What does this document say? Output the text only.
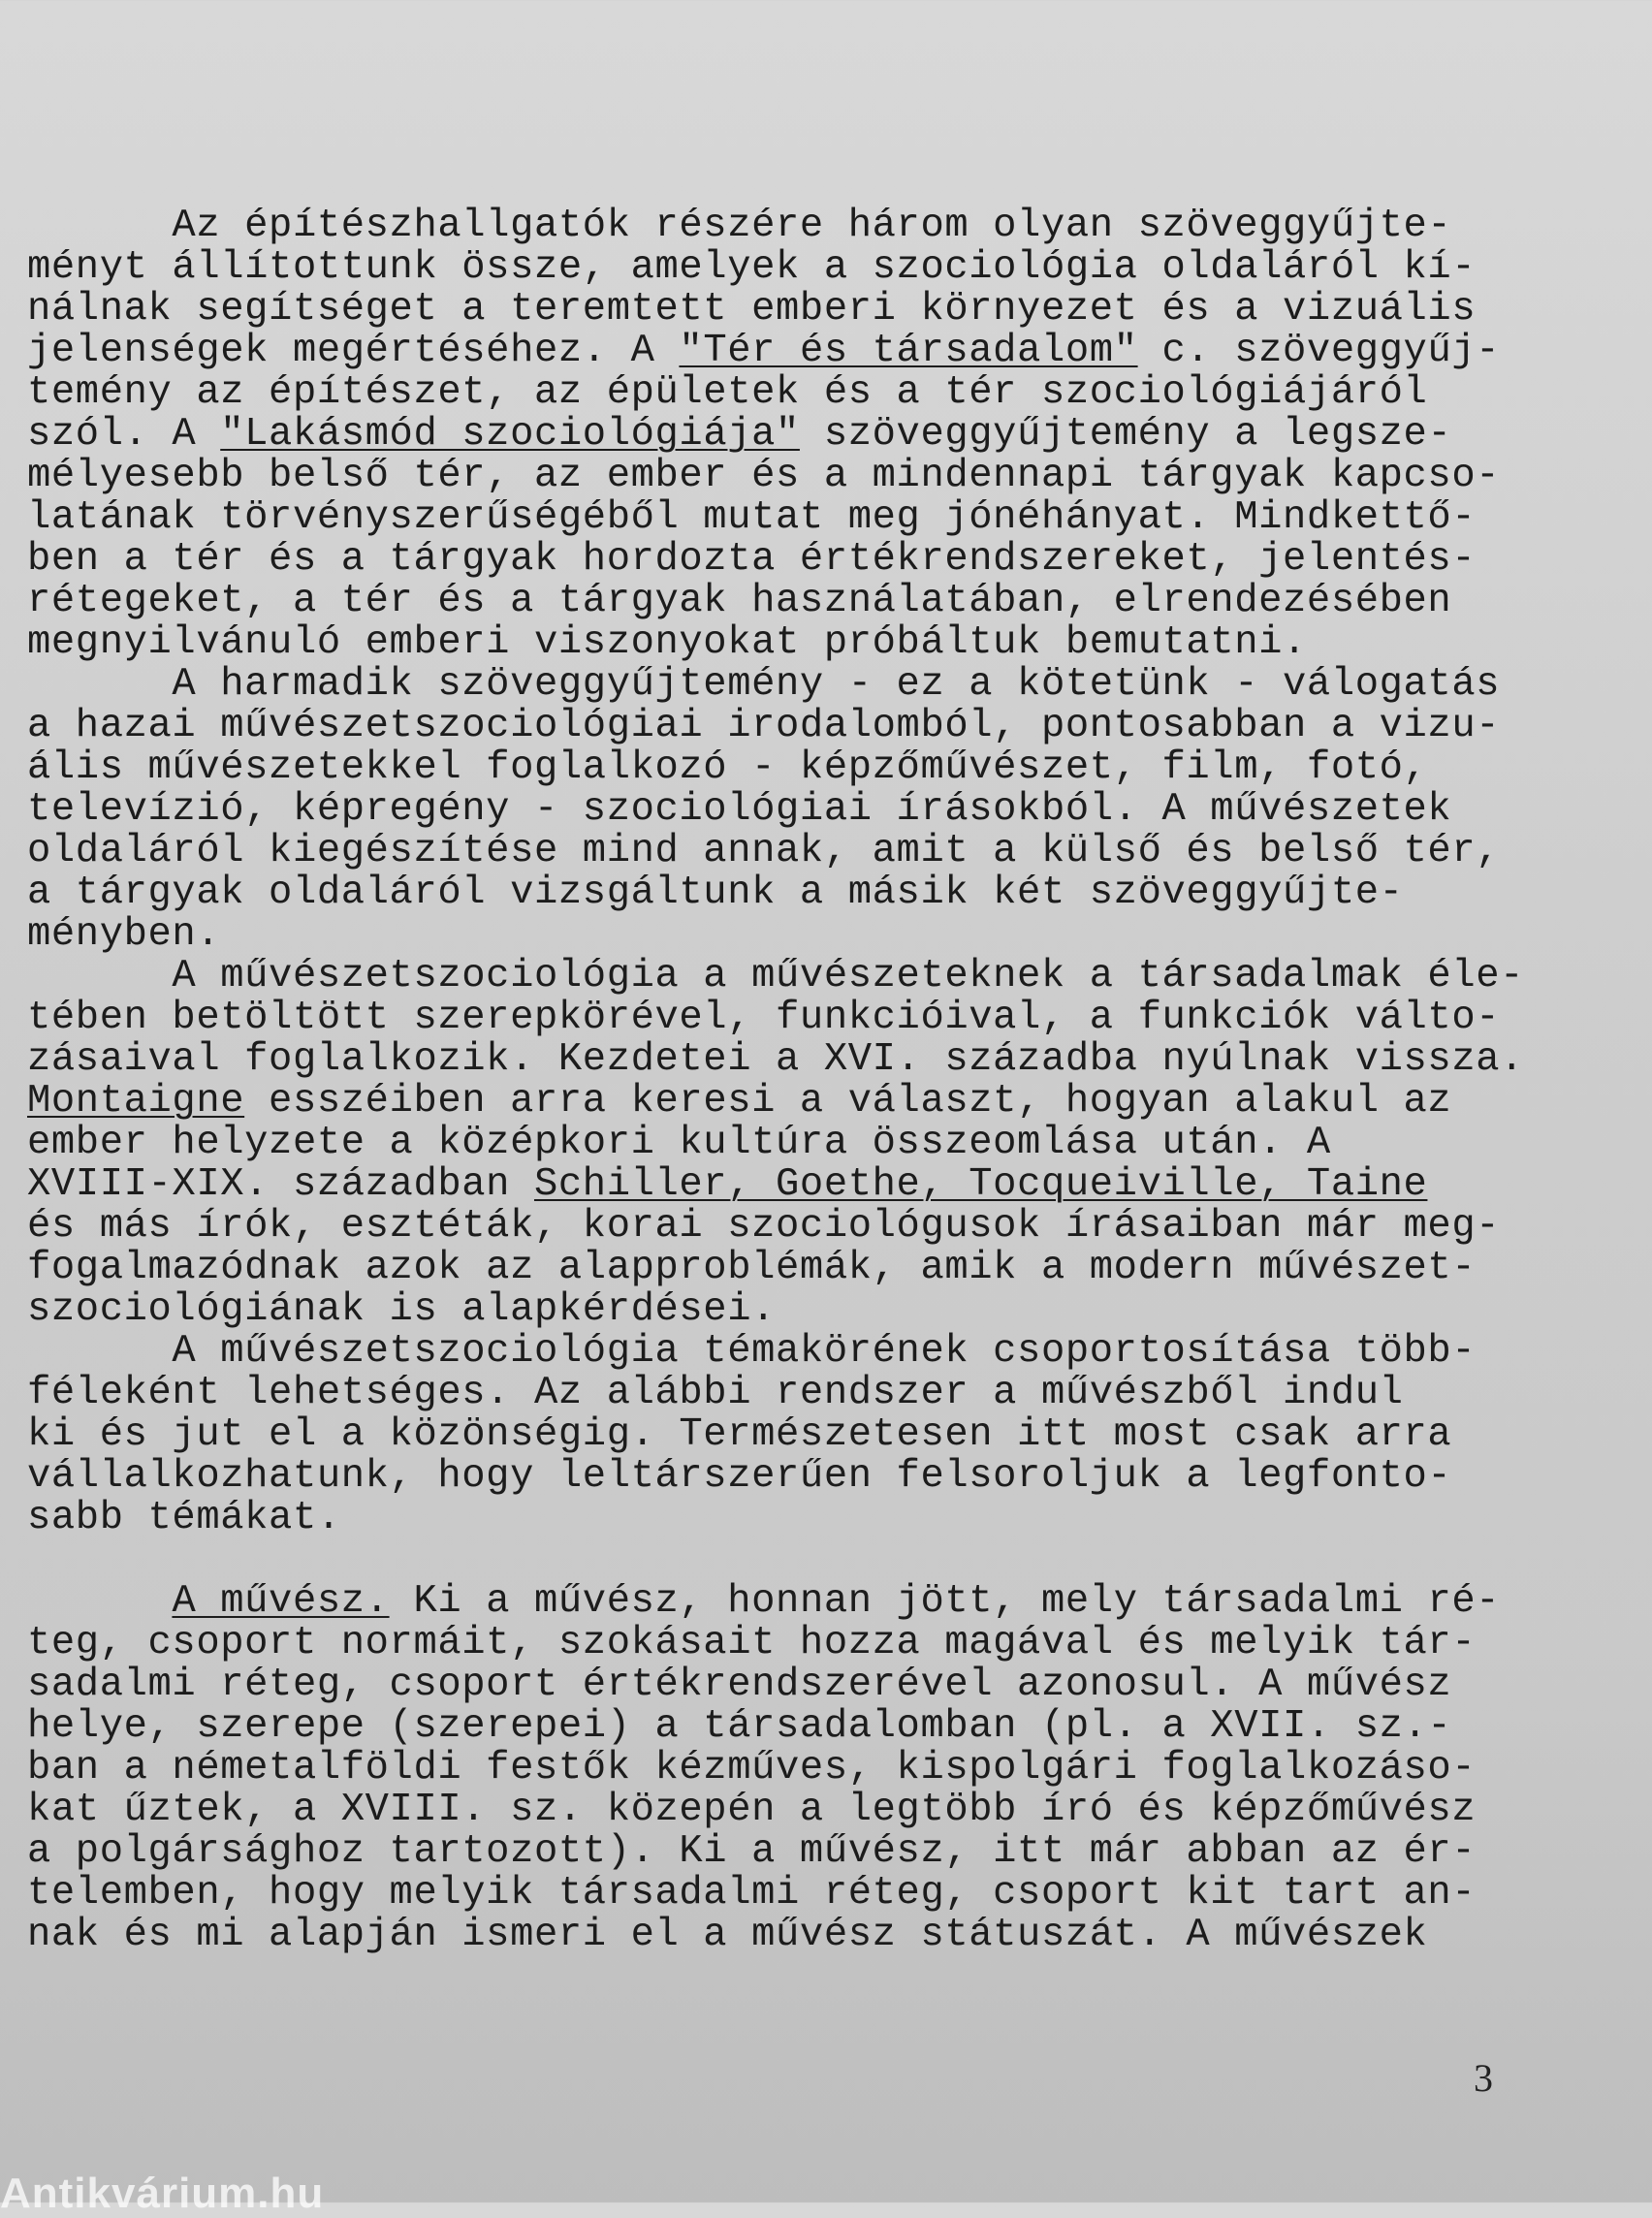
Az építészhallgatók részére három olyan szöveggyűjte-
ményt állítottunk össze, amelyek a szociológia oldaláról kí-
nálnak segítséget a teremtett emberi környezet és a vizuális
jelenségek megértéséhez. A "Tér és társadalom" c. szöveggyűj-
temény az építészet, az épületek és a tér szociológiájáról
szól. A "Lakásmód szociológiája" szöveggyűjtemény a legsze-
mélyesebb belső tér, az ember és a mindennapi tárgyak kapcso-
latának törvényszerűségéből mutat meg jónéhányat. Mindkettő-
ben a tér és a tárgyak hordozta értékrendszereket, jelentés-
rétegeket, a tér és a tárgyak használatában, elrendezésében
megnyilvánuló emberi viszonyokat próbáltuk bemutatni.
A harmadik szöveggyűjtemény - ez a kötetünk - válogatás
a hazai művészetszociológiai irodalomból, pontosabban a vizu-
ális művészetekkel foglalkozó - képzőművészet, film, fotó,
televízió, képregény - szociológiai írásokból. A művészetek
oldaláról kiegészítése mind annak, amit a külső és belső tér,
a tárgyak oldaláról vizsgáltunk a másik két szöveggyűjte-
ményben.
A művészetszociológia a művészeteknek a társadalmak éle-
tében betöltött szerepkörével, funkcióival, a funkciók válto-
zásaival foglalkozik. Kezdetei a XVI. századba nyúlnak vissza.
Montaigne esszéiben arra keresi a választ, hogyan alakul az
ember helyzete a középkori kultúra összeomlása után. A
XVIII-XIX. században Schiller, Goethe, Tocqueiville, Taine
és más írók, esztéták, korai szociológusok írásaiban már meg-
fogalmazódnak azok az alapproblémák, amik a modern művészet-
szociológiának is alapkérdései.
A művészetszociológia témakörének csoportosítása több-
féleként lehetséges. Az alábbi rendszer a művészből indul
ki és jut el a közönségig. Természetesen itt most csak arra
vállalkozhatunk, hogy leltárszerűen felsoroljuk a legfonto-
sabb témákat.
A művész. Ki a művész, honnan jött, mely társadalmi ré-
teg, csoport normáit, szokásait hozza magával és melyik tár-
sadalmi réteg, csoport értékrendszerével azonosul. A művész
helye, szerepe (szerepei) a társadalomban (pl. a XVII. sz.-
ban a németalföldi festők kézműves, kispolgári foglalkozáso-
kat űztek, a XVIII. sz. közepén a legtöbb író és képzőművész
a polgársághoz tartozott). Ki a művész, itt már abban az ér-
telemben, hogy melyik társadalmi réteg, csoport kit tart an-
nak és mi alapján ismeri el a művész státuszát. A művészek
3
Antikvárium.hu
